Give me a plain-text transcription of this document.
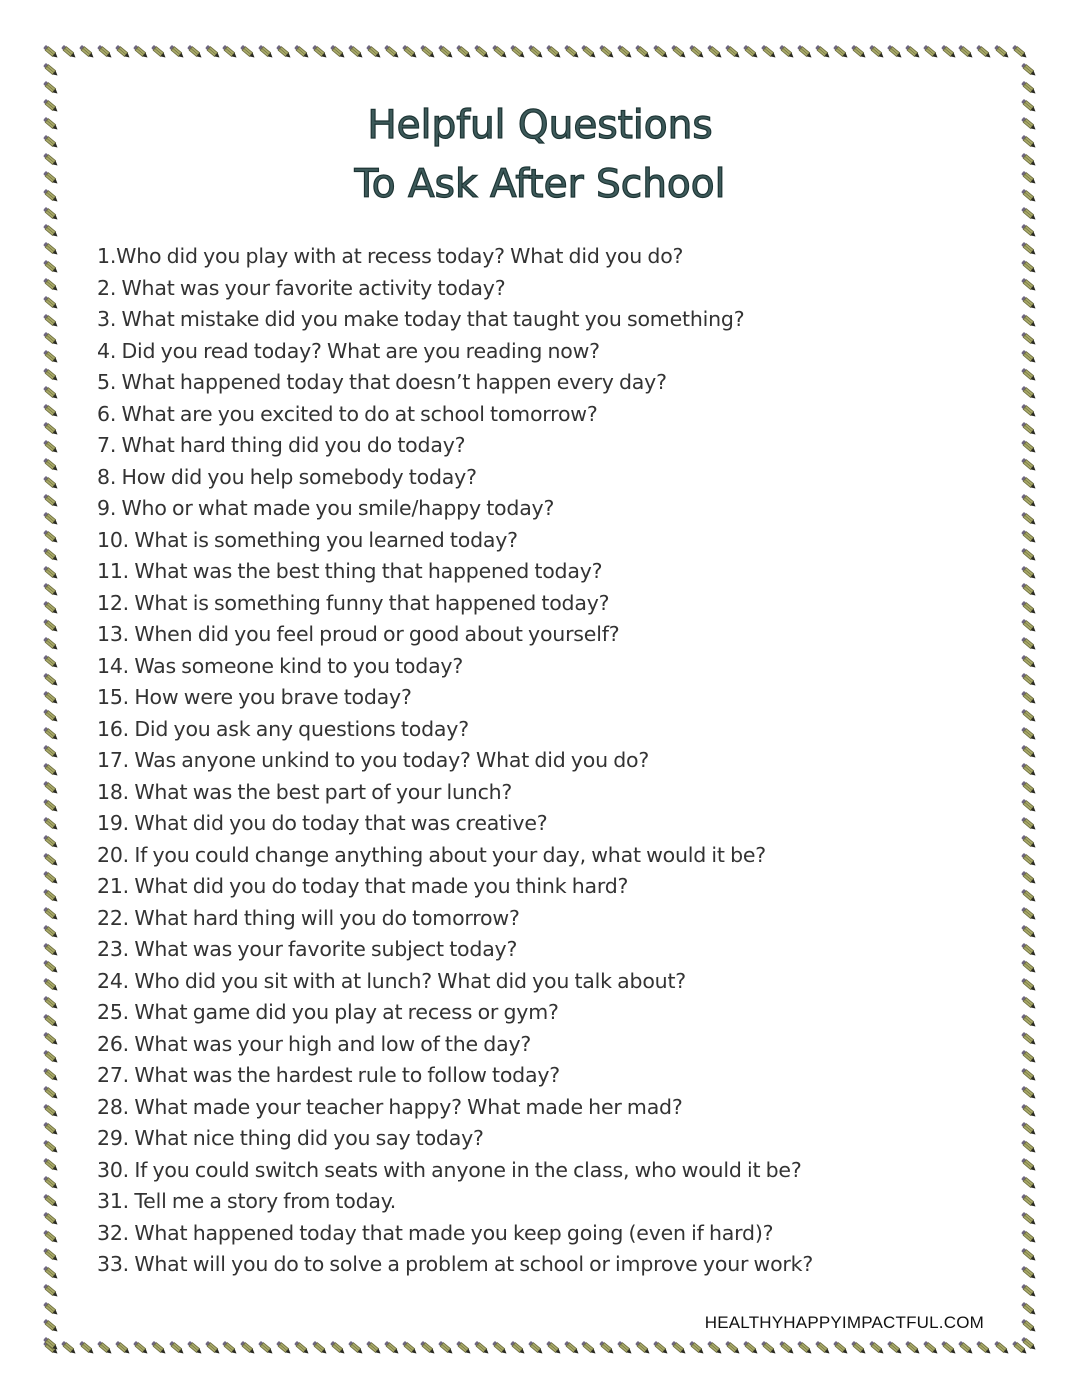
Helpful Questions
To Ask After School
1.Who did you play with at recess today? What did you do?
2. What was your favorite activity today?
3. What mistake did you make today that taught you something?
4. Did you read today? What are you reading now?
5. What happened today that doesn’t happen every day?
6. What are you excited to do at school tomorrow?
7. What hard thing did you do today?
8. How did you help somebody today?
9. Who or what made you smile/happy today?
10. What is something you learned today?
11. What was the best thing that happened today?
12. What is something funny that happened today?
13. When did you feel proud or good about yourself?
14. Was someone kind to you today?
15. How were you brave today?
16. Did you ask any questions today?
17. Was anyone unkind to you today? What did you do?
18. What was the best part of your lunch?
19. What did you do today that was creative?
20. If you could change anything about your day, what would it be?
21. What did you do today that made you think hard?
22. What hard thing will you do tomorrow?
23. What was your favorite subject today?
24. Who did you sit with at lunch? What did you talk about?
25. What game did you play at recess or gym?
26. What was your high and low of the day?
27. What was the hardest rule to follow today?
28. What made your teacher happy? What made her mad?
29. What nice thing did you say today?
30. If you could switch seats with anyone in the class, who would it be?
31. Tell me a story from today.
32. What happened today that made you keep going (even if hard)?
33. What will you do to solve a problem at school or improve your work?
HEALTHYHAPPYIMPACTFUL.COM
